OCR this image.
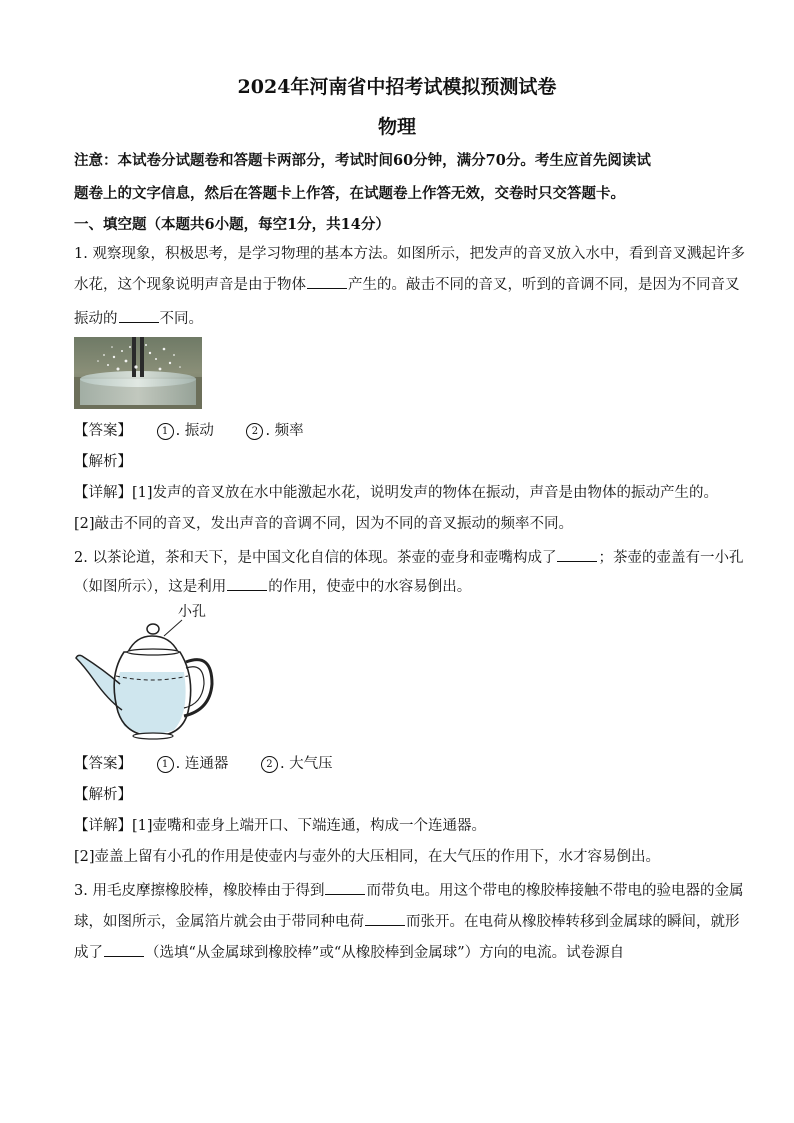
2024年河南省中招考试模拟预测试卷
物理
注意：本试卷分试题卷和答题卡两部分，考试时间60分钟，满分70分。考生应首先阅读试
题卷上的文字信息，然后在答题卡上作答，在试题卷上作答无效，交卷时只交答题卡。
一、填空题（本题共6小题，每空1分，共14分）
1. 观察现象，积极思考，是学习物理的基本方法。如图所示，把发声的音叉放入水中，看到音叉溅起许多
水花，这个现象说明声音是由于物体	产生的。敲击不同的音叉，听到的音调不同，是因为不同音叉
振动的	不同。
【答案】	1 . 振动	2 . 频率
【解析】
【详解】[1]发声的音叉放在水中能激起水花，说明发声的物体在振动，声音是由物体的振动产生的。
[2]敲击不同的音叉，发出声音的音调不同，因为不同的音叉振动的频率不同。
2. 以茶论道，茶和天下，是中国文化自信的体现。茶壶的壶身和壶嘴构成了	；茶壶的壶盖有一小孔
（如图所示），这是利用	的作用，使壶中的水容易倒出。
小孔
【答案】	1 . 连通器	2 . 大气压
【解析】
【详解】[1]壶嘴和壶身上端开口、下端连通，构成一个连通器。
[2]壶盖上留有小孔的作用是使壶内与壶外的大压相同，在大气压的作用下，水才容易倒出。
3. 用毛皮摩擦橡胶棒，橡胶棒由于得到	而带负电。用这个带电的橡胶棒接触不带电的验电器的金属
球，如图所示，金属箔片就会由于带同种电荷	而张开。在电荷从橡胶棒转移到金属球的瞬间，就形
成了	（选填“从金属球到橡胶棒”或“从橡胶棒到金属球”）方向的电流。试卷源自
